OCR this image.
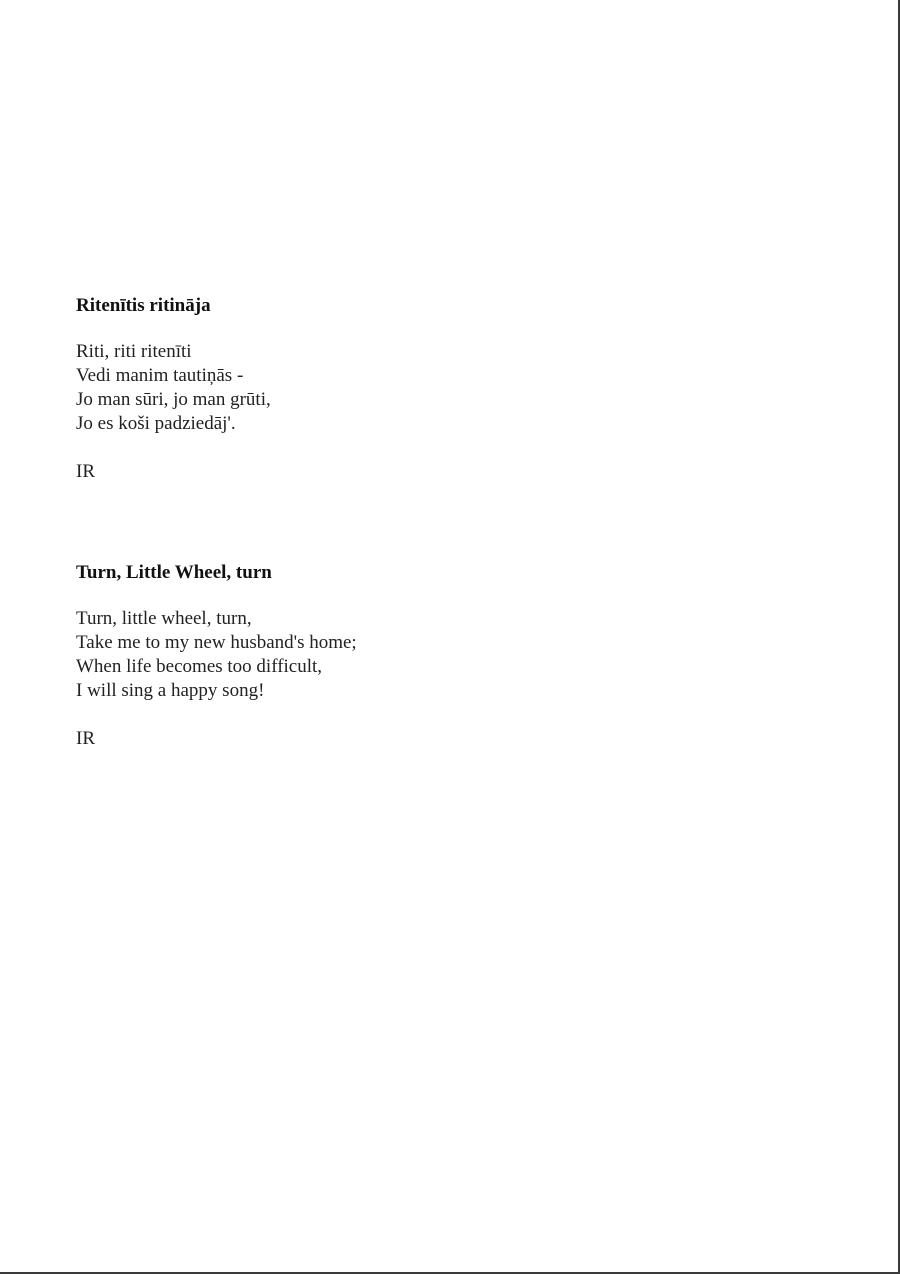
Ritenītis ritināja
Riti, riti ritenīti
Vedi manim tautiņās -
Jo man sūri, jo man grūti,
Jo es koši padziedāj'.
IR
Turn, Little Wheel, turn
Turn, little wheel, turn,
Take me to my new husband's home;
When life becomes too difficult,
I will sing a happy song!
IR
